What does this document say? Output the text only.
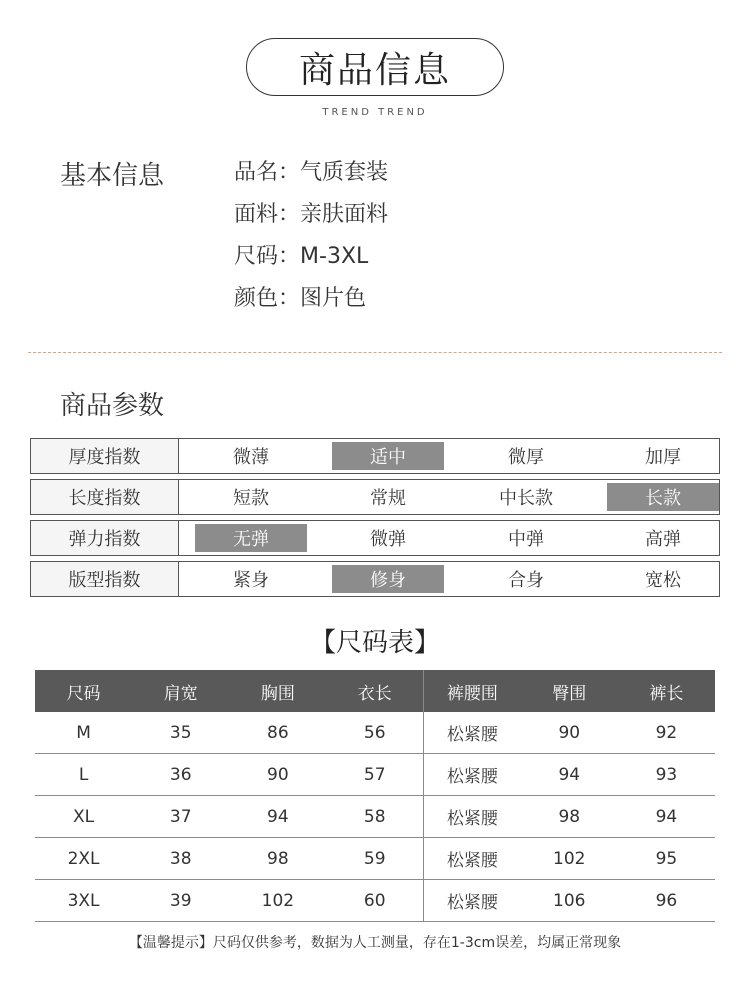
商品信息
TREND TREND
基本信息	品名：气质套装
面料：亲肤面料
尺码：M-3XL
颜色：图片色
商品参数
厚度指数	微薄	适中	微厚	加厚
长度指数	短款	常规	中长款	长款
弹力指数	无弹	微弹	中弹	高弹
版型指数	紧身	修身	合身	宽松
【尺码表】
尺码	肩宽	胸围	衣长	裤腰围	臀围	裤长
M	35	86	56	松紧腰	90	92
L	36	90	57	松紧腰	94	93
XL	37	94	58	松紧腰	98	94
2XL	38	98	59	松紧腰	102	95
3XL	39	102	60	松紧腰	106	96
【温馨提示】尺码仅供参考，数据为人工测量，存在1-3cm误差，均属正常现象
